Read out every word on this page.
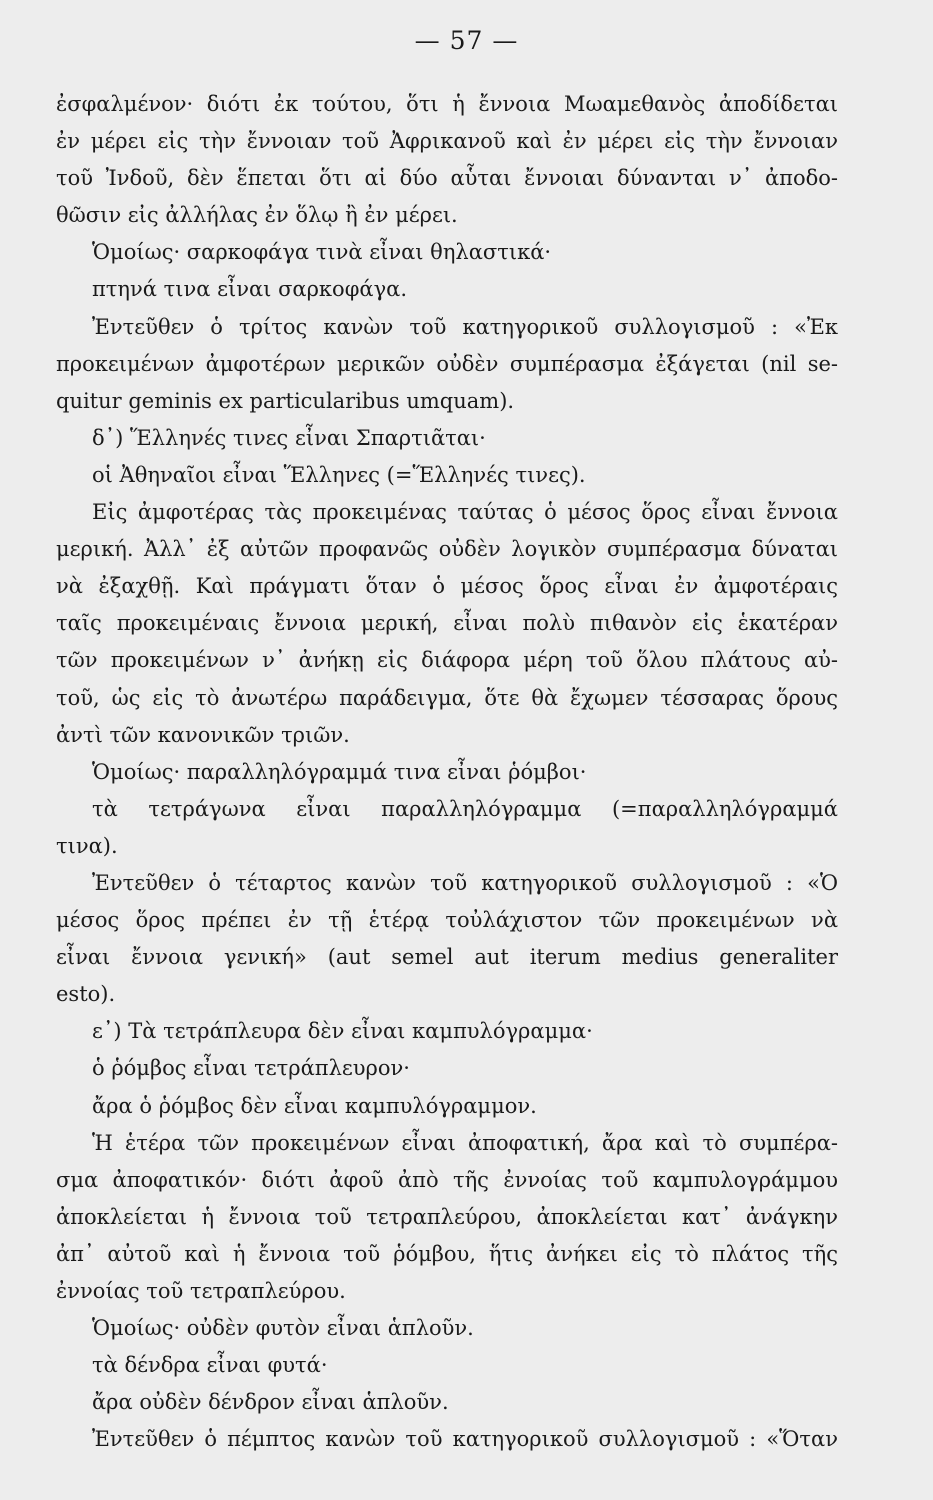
— 57 —
ἐσφαλμένον· διότι ἐκ τούτου, ὅτι ἡ ἔννοια Μωαμεθανὸς ἀποδίδεται
ἐν μέρει εἰς τὴν ἔννοιαν τοῦ Ἀφρικανοῦ καὶ ἐν μέρει εἰς τὴν ἔννοιαν
τοῦ Ἰνδοῦ, δὲν ἕπεται ὅτι αἱ δύο αὗται ἔννοιαι δύνανται ν᾽ ἀποδο-
θῶσιν εἰς ἀλλήλας ἐν ὅλῳ ἢ ἐν μέρει.
Ὁμοίως· σαρκοφάγα τινὰ εἶναι θηλαστικά·
πτηνά τινα εἶναι σαρκοφάγα.
Ἐντεῦθεν ὁ τρίτος κανὼν τοῦ κατηγορικοῦ συλλογισμοῦ : «Ἐκ
προκειμένων ἀμφοτέρων μερικῶν οὐδὲν συμπέρασμα ἐξάγεται (nil se-
quitur geminis ex particularibus umquam).
δ᾽) Ἕλληνές τινες εἶναι Σπαρτιᾶται·
οἱ Ἀθηναῖοι εἶναι Ἕλληνες (=Ἕλληνές τινες).
Εἰς ἀμφοτέρας τὰς προκειμένας ταύτας ὁ μέσος ὅρος εἶναι ἔννοια
μερική. Ἀλλ᾽ ἐξ αὐτῶν προφανῶς οὐδὲν λογικὸν συμπέρασμα δύναται
νὰ ἐξαχθῇ. Καὶ πράγματι ὅταν ὁ μέσος ὅρος εἶναι ἐν ἀμφοτέραις
ταῖς προκειμέναις ἔννοια μερική, εἶναι πολὺ πιθανὸν εἰς ἑκατέραν
τῶν προκειμένων ν᾽ ἀνήκῃ εἰς διάφορα μέρη τοῦ ὅλου πλάτους αὐ-
τοῦ, ὡς εἰς τὸ ἀνωτέρω παράδειγμα, ὅτε θὰ ἔχωμεν τέσσαρας ὅρους
ἀντὶ τῶν κανονικῶν τριῶν.
Ὁμοίως· παραλληλόγραμμά τινα εἶναι ῥόμβοι·
τὰ τετράγωνα εἶναι παραλληλόγραμμα (=παραλληλόγραμμά
τινα).
Ἐντεῦθεν ὁ τέταρτος κανὼν τοῦ κατηγορικοῦ συλλογισμοῦ : «Ὁ
μέσος ὅρος πρέπει ἐν τῇ ἑτέρᾳ τοὐλάχιστον τῶν προκειμένων νὰ
εἶναι ἔννοια γενική» (aut semel aut iterum medius generaliter
esto).
ε᾽) Τὰ τετράπλευρα δὲν εἶναι καμπυλόγραμμα·
ὁ ῥόμβος εἶναι τετράπλευρον·
ἄρα ὁ ῥόμβος δὲν εἶναι καμπυλόγραμμον.
Ἡ ἑτέρα τῶν προκειμένων εἶναι ἀποφατική, ἄρα καὶ τὸ συμπέρα-
σμα ἀποφατικόν· διότι ἀφοῦ ἀπὸ τῆς ἐννοίας τοῦ καμπυλογράμμου
ἀποκλείεται ἡ ἔννοια τοῦ τετραπλεύρου, ἀποκλείεται κατ᾽ ἀνάγκην
ἀπ᾽ αὐτοῦ καὶ ἡ ἔννοια τοῦ ῥόμβου, ἥτις ἀνήκει εἰς τὸ πλάτος τῆς
ἐννοίας τοῦ τετραπλεύρου.
Ὁμοίως· οὐδὲν φυτὸν εἶναι ἁπλοῦν.
τὰ δένδρα εἶναι φυτά·
ἄρα οὐδὲν δένδρον εἶναι ἁπλοῦν.
Ἐντεῦθεν ὁ πέμπτος κανὼν τοῦ κατηγορικοῦ συλλογισμοῦ : «Ὅταν
